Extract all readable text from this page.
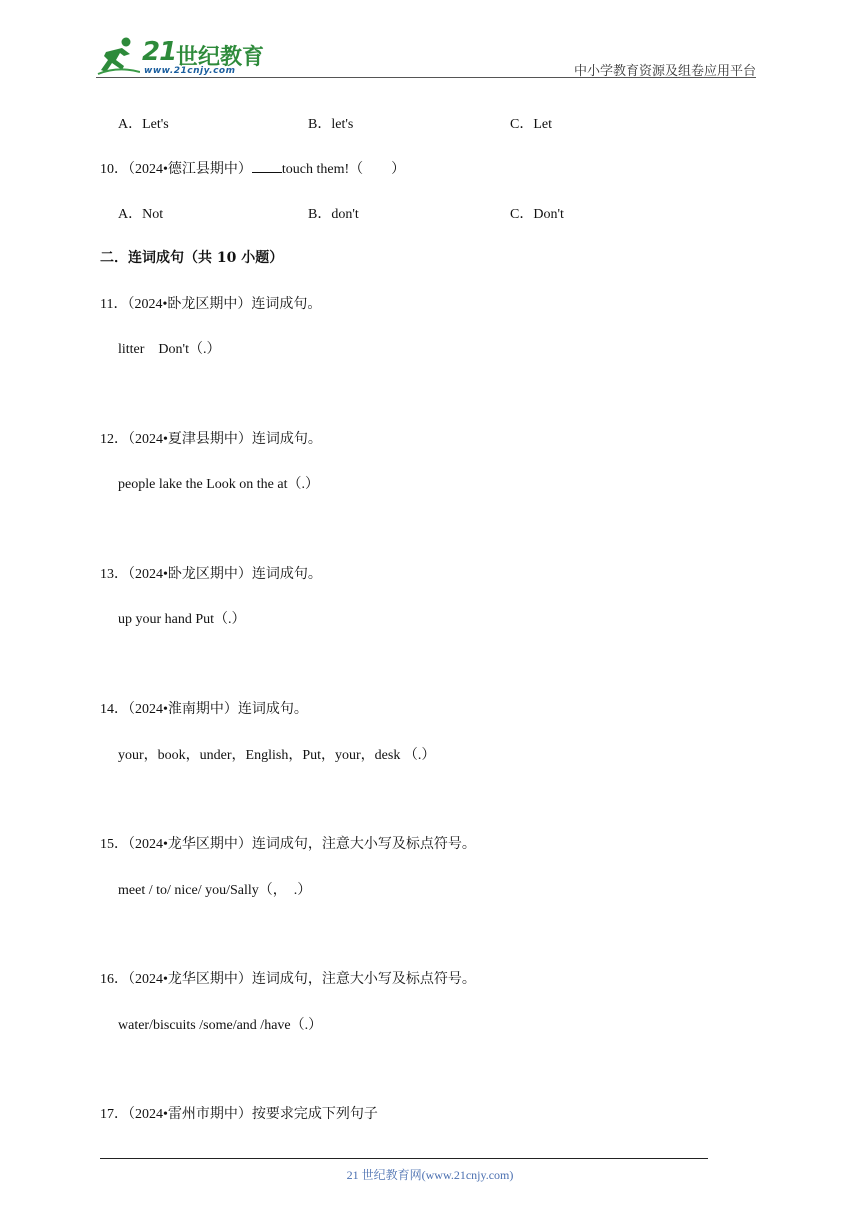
21 世纪教育
www.21cnjy.com	中小学教育资源及组卷应用平台
A．Let's	B．let's	C．Let
10．（2024•德江县期中） touch them!（　　）
A．Not	B．don't	C．Don't
二．连词成句（共 10 小题）
11．（2024•卧龙区期中）连词成句。
litter　Don't（.）
12．（2024•夏津县期中）连词成句。
people lake the Look on the at（.）
13．（2024•卧龙区期中）连词成句。
up your hand Put（.）
14．（2024•淮南期中）连词成句。
your，book，under，English，Put，your，desk （.）
15．（2024•龙华区期中）连词成句，注意大小写及标点符号。
meet / to/ nice/ you/Sally（，　.）
16．（2024•龙华区期中）连词成句，注意大小写及标点符号。
water/biscuits /some/and /have（.）
17．（2024•雷州市期中）按要求完成下列句子
21 世纪教育网(www.21cnjy.com)
